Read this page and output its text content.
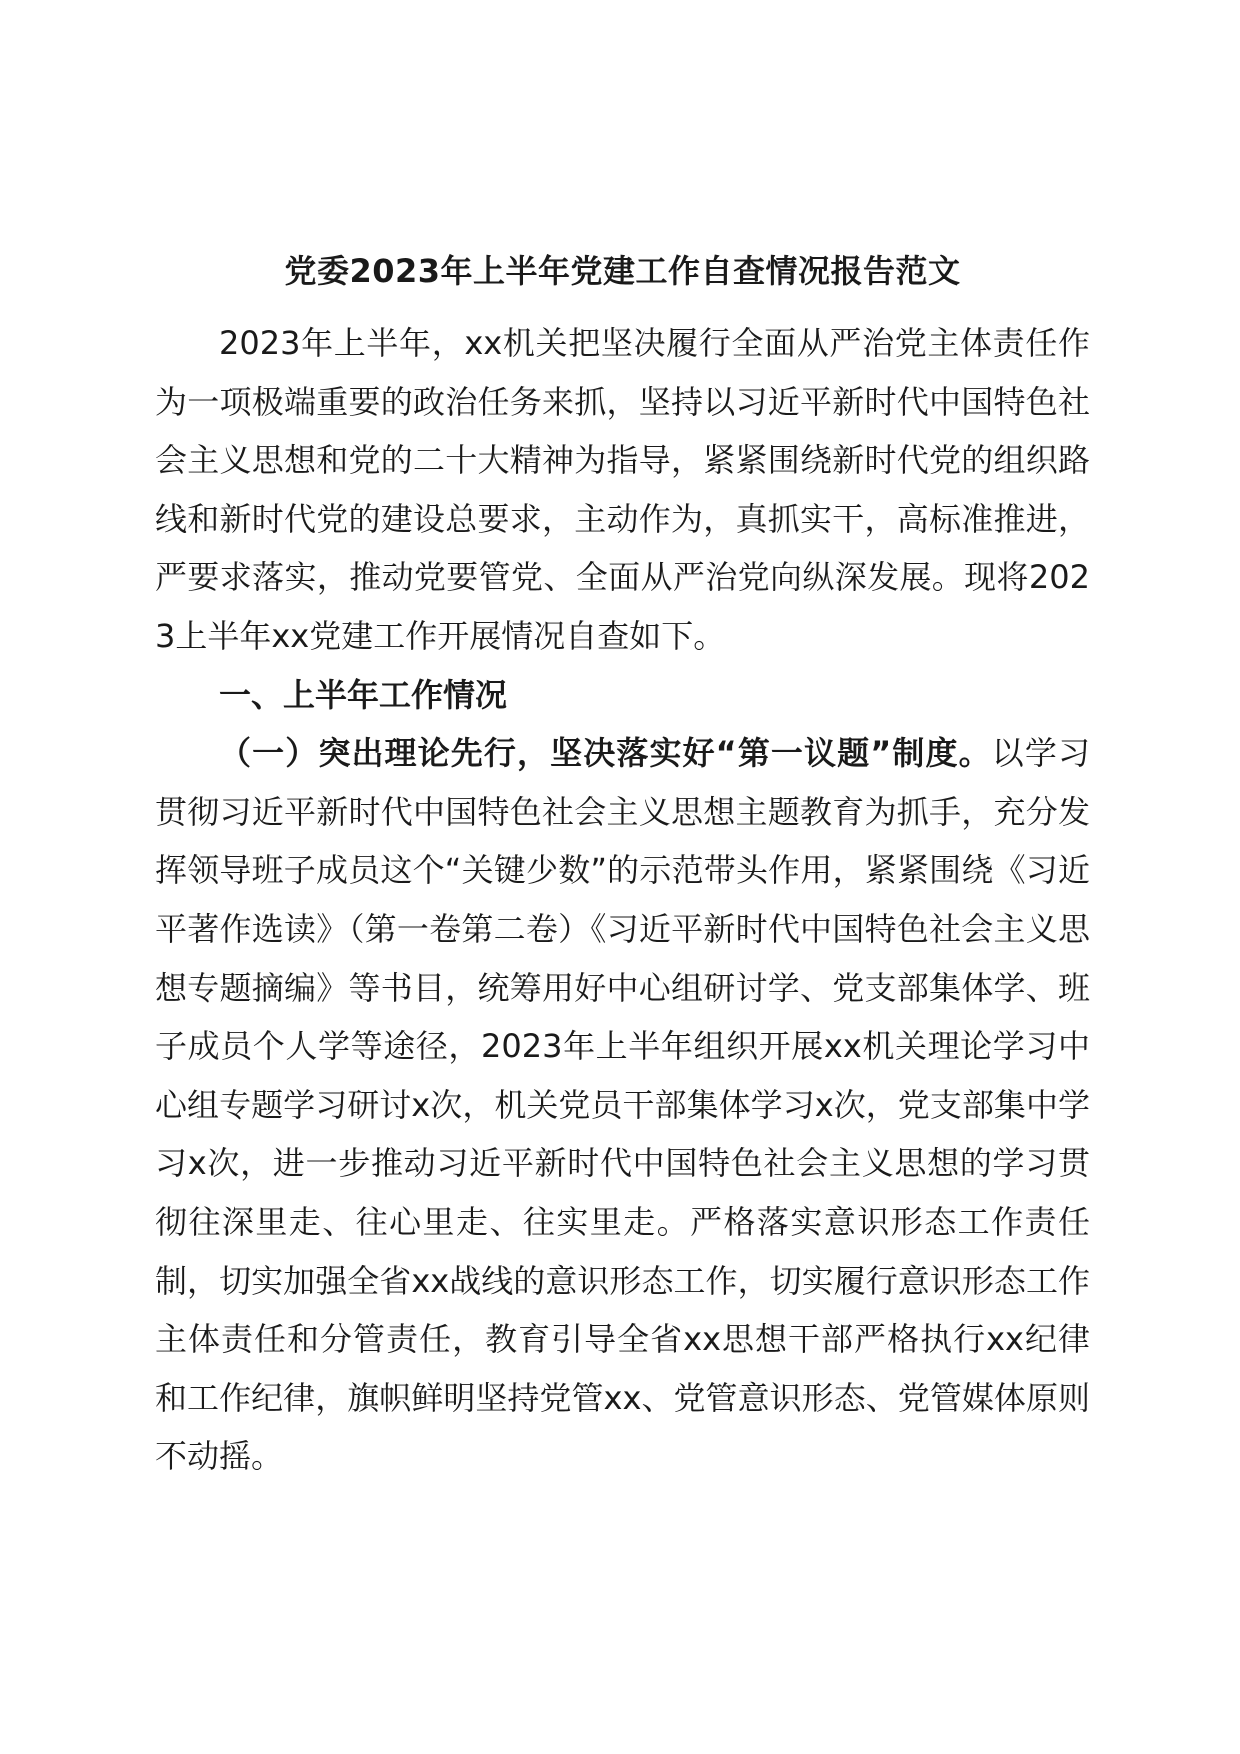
党委2023年上半年党建工作自查情况报告范文

2023年上半年，xx机关把坚决履行全面从严治党主体责任作为一项极端重要的政治任务来抓，坚持以习近平新时代中国特色社会主义思想和党的二十大精神为指导，紧紧围绕新时代党的组织路线和新时代党的建设总要求，主动作为，真抓实干，高标准推进，严要求落实，推动党要管党、全面从严治党向纵深发展。现将2023上半年xx党建工作开展情况自查如下。

一、上半年工作情况

（一）突出理论先行，坚决落实好“第一议题”制度。以学习贯彻习近平新时代中国特色社会主义思想主题教育为抓手，充分发挥领导班子成员这个“关键少数”的示范带头作用，紧紧围绕《习近平著作选读》（第一卷第二卷）《习近平新时代中国特色社会主义思想专题摘编》等书目，统筹用好中心组研讨学、党支部集体学、班子成员个人学等途径，2023年上半年组织开展xx机关理论学习中心组专题学习研讨x次，机关党员干部集体学习x次，党支部集中学习x次，进一步推动习近平新时代中国特色社会主义思想的学习贯彻往深里走、往心里走、往实里走。严格落实意识形态工作责任制，切实加强全省xx战线的意识形态工作，切实履行意识形态工作主体责任和分管责任，教育引导全省xx思想干部严格执行xx纪律和工作纪律，旗帜鲜明坚持党管xx、党管意识形态、党管媒体原则不动摇。
